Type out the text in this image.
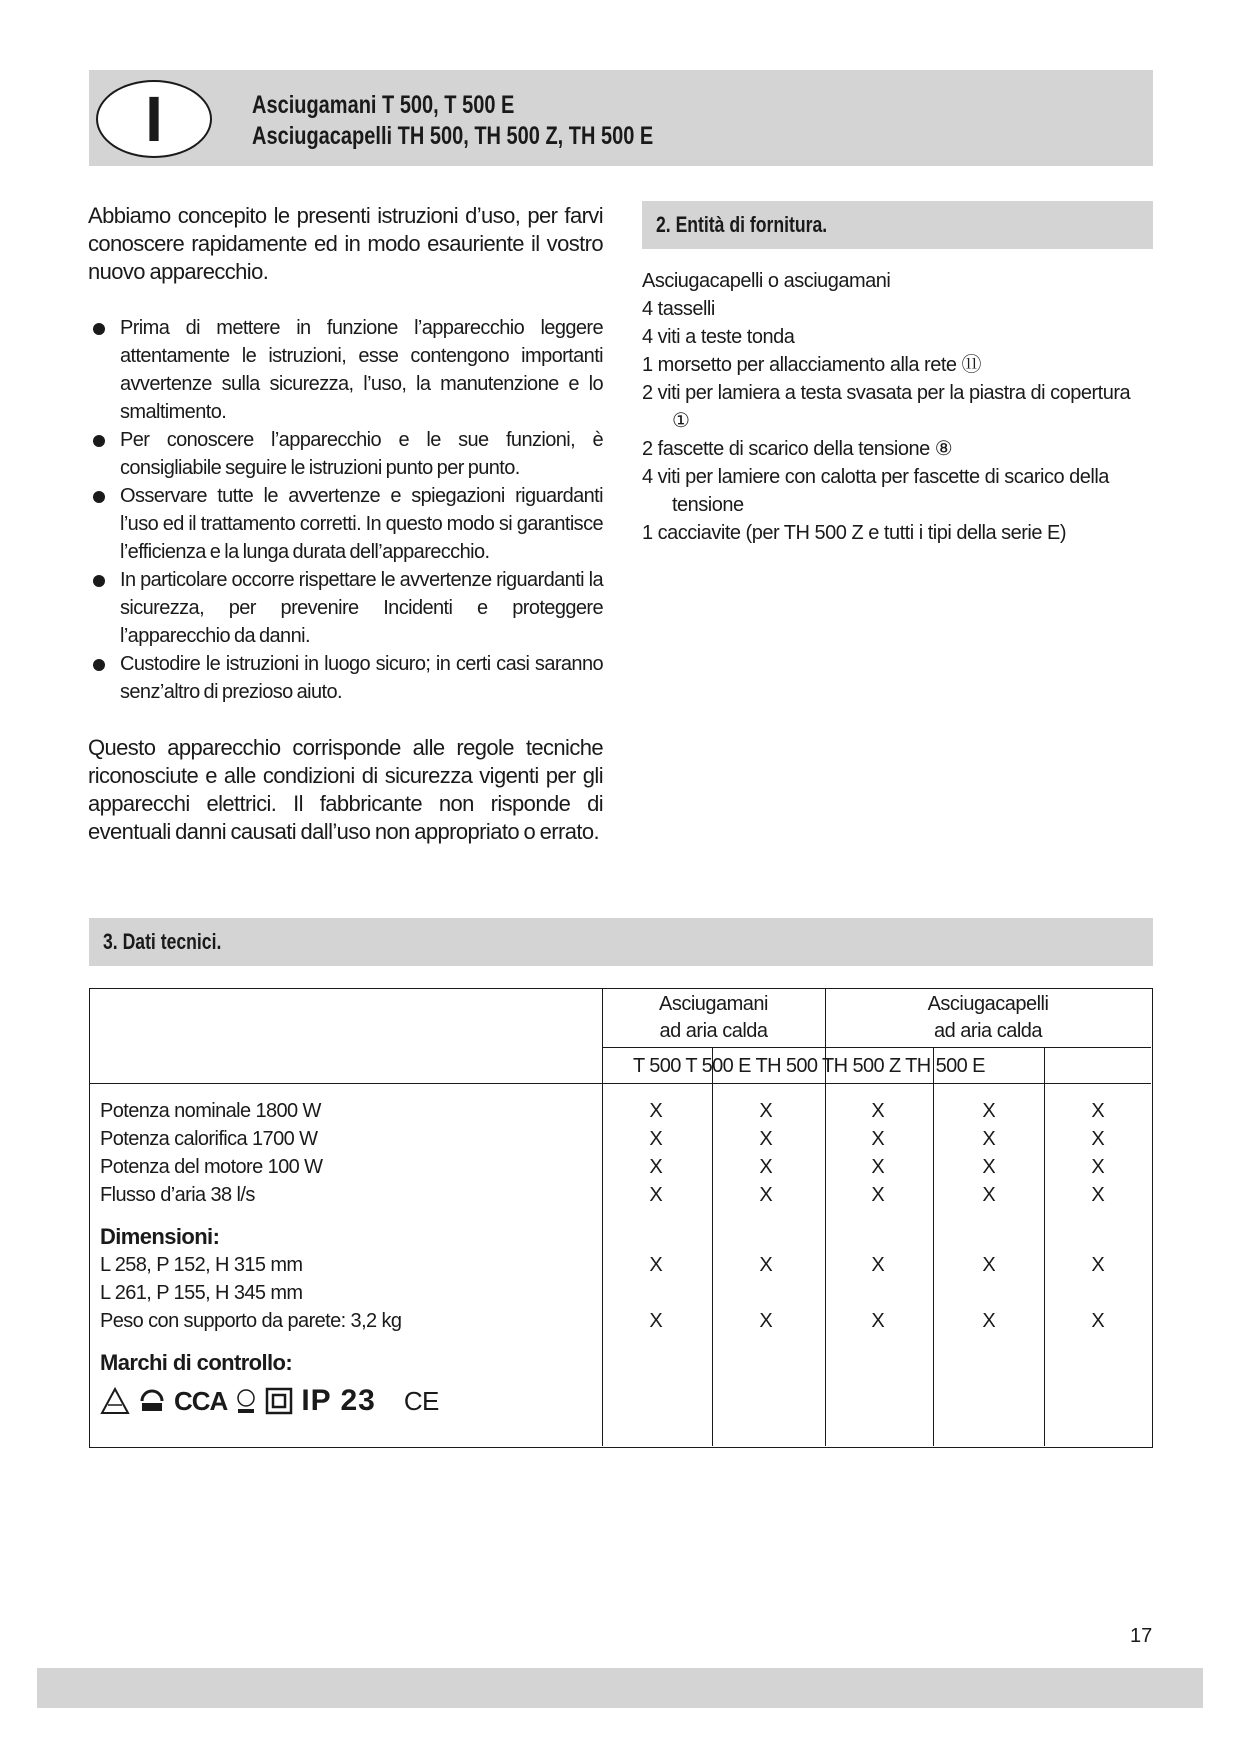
I	Asciugamani T 500, T 500 E
Asciugacapelli TH 500, TH 500 Z, TH 500 E

Abbiamo concepito le presenti istruzioni d’uso, per farvi conoscere rapidamente ed in modo esauriente il vostro nuovo apparecchio.

Prima di mettere in funzione l’apparecchio leggere attentamente le istruzioni, esse contengono importanti avvertenze sulla sicurezza, l’uso, la manutenzione e lo smaltimento.
Per conoscere l’apparecchio e le sue funzioni, è consigliabile seguire le istruzioni punto per punto.
Osservare tutte le avvertenze e spiegazioni riguardanti l’uso ed il trattamento corretti. In questo modo si garantisce l’efficienza e la lunga durata dell’apparecchio.
In particolare occorre rispettare le avvertenze riguardanti la sicurezza, per prevenire Incidenti e proteggere l’apparecchio da danni.
Custodire le istruzioni in luogo sicuro; in certi casi saranno senz’altro di prezioso aiuto.

Questo apparecchio corrisponde alle regole tecniche riconosciute e alle condizioni di sicurezza vigenti per gli apparecchi elettrici. Il fabbricante non risponde di eventuali danni causati dall’uso non appropriato o errato.

2. Entità di fornitura.
Asciugacapelli o asciugamani
4 tasselli
4 viti a teste tonda
1 morsetto per allacciamento alla rete ⑪
2 viti per lamiera a testa svasata per la piastra di copertura ①
2 fascette di scarico della tensione ⑧
4 viti per lamiere con calotta per fascette di scarico della tensione
1 cacciavite (per TH 500 Z e tutti i tipi della serie E)
3. Dati tecnici.
Asciugamani
ad aria calda
Asciugacapelli
ad aria calda
T 500 T 500 E TH 500 TH 500 Z TH 500 E
Potenza nominale 1800 W
Potenza calorifica 1700 W
Potenza del motore 100 W
Flusso d’aria 38 l/s
Dimensioni:
L 258, P 152, H 315 mm
L 261, P 155, H 345 mm
Peso con supporto da parete: 3,2 kg
Marchi di controllo:
CCA IP 23 CE
X
X
X
X
X
X
X
X
X
X
X
X
X
X
X
X
X
X
X
X
X
X
X
X
X
X
X
X
X
X
17
